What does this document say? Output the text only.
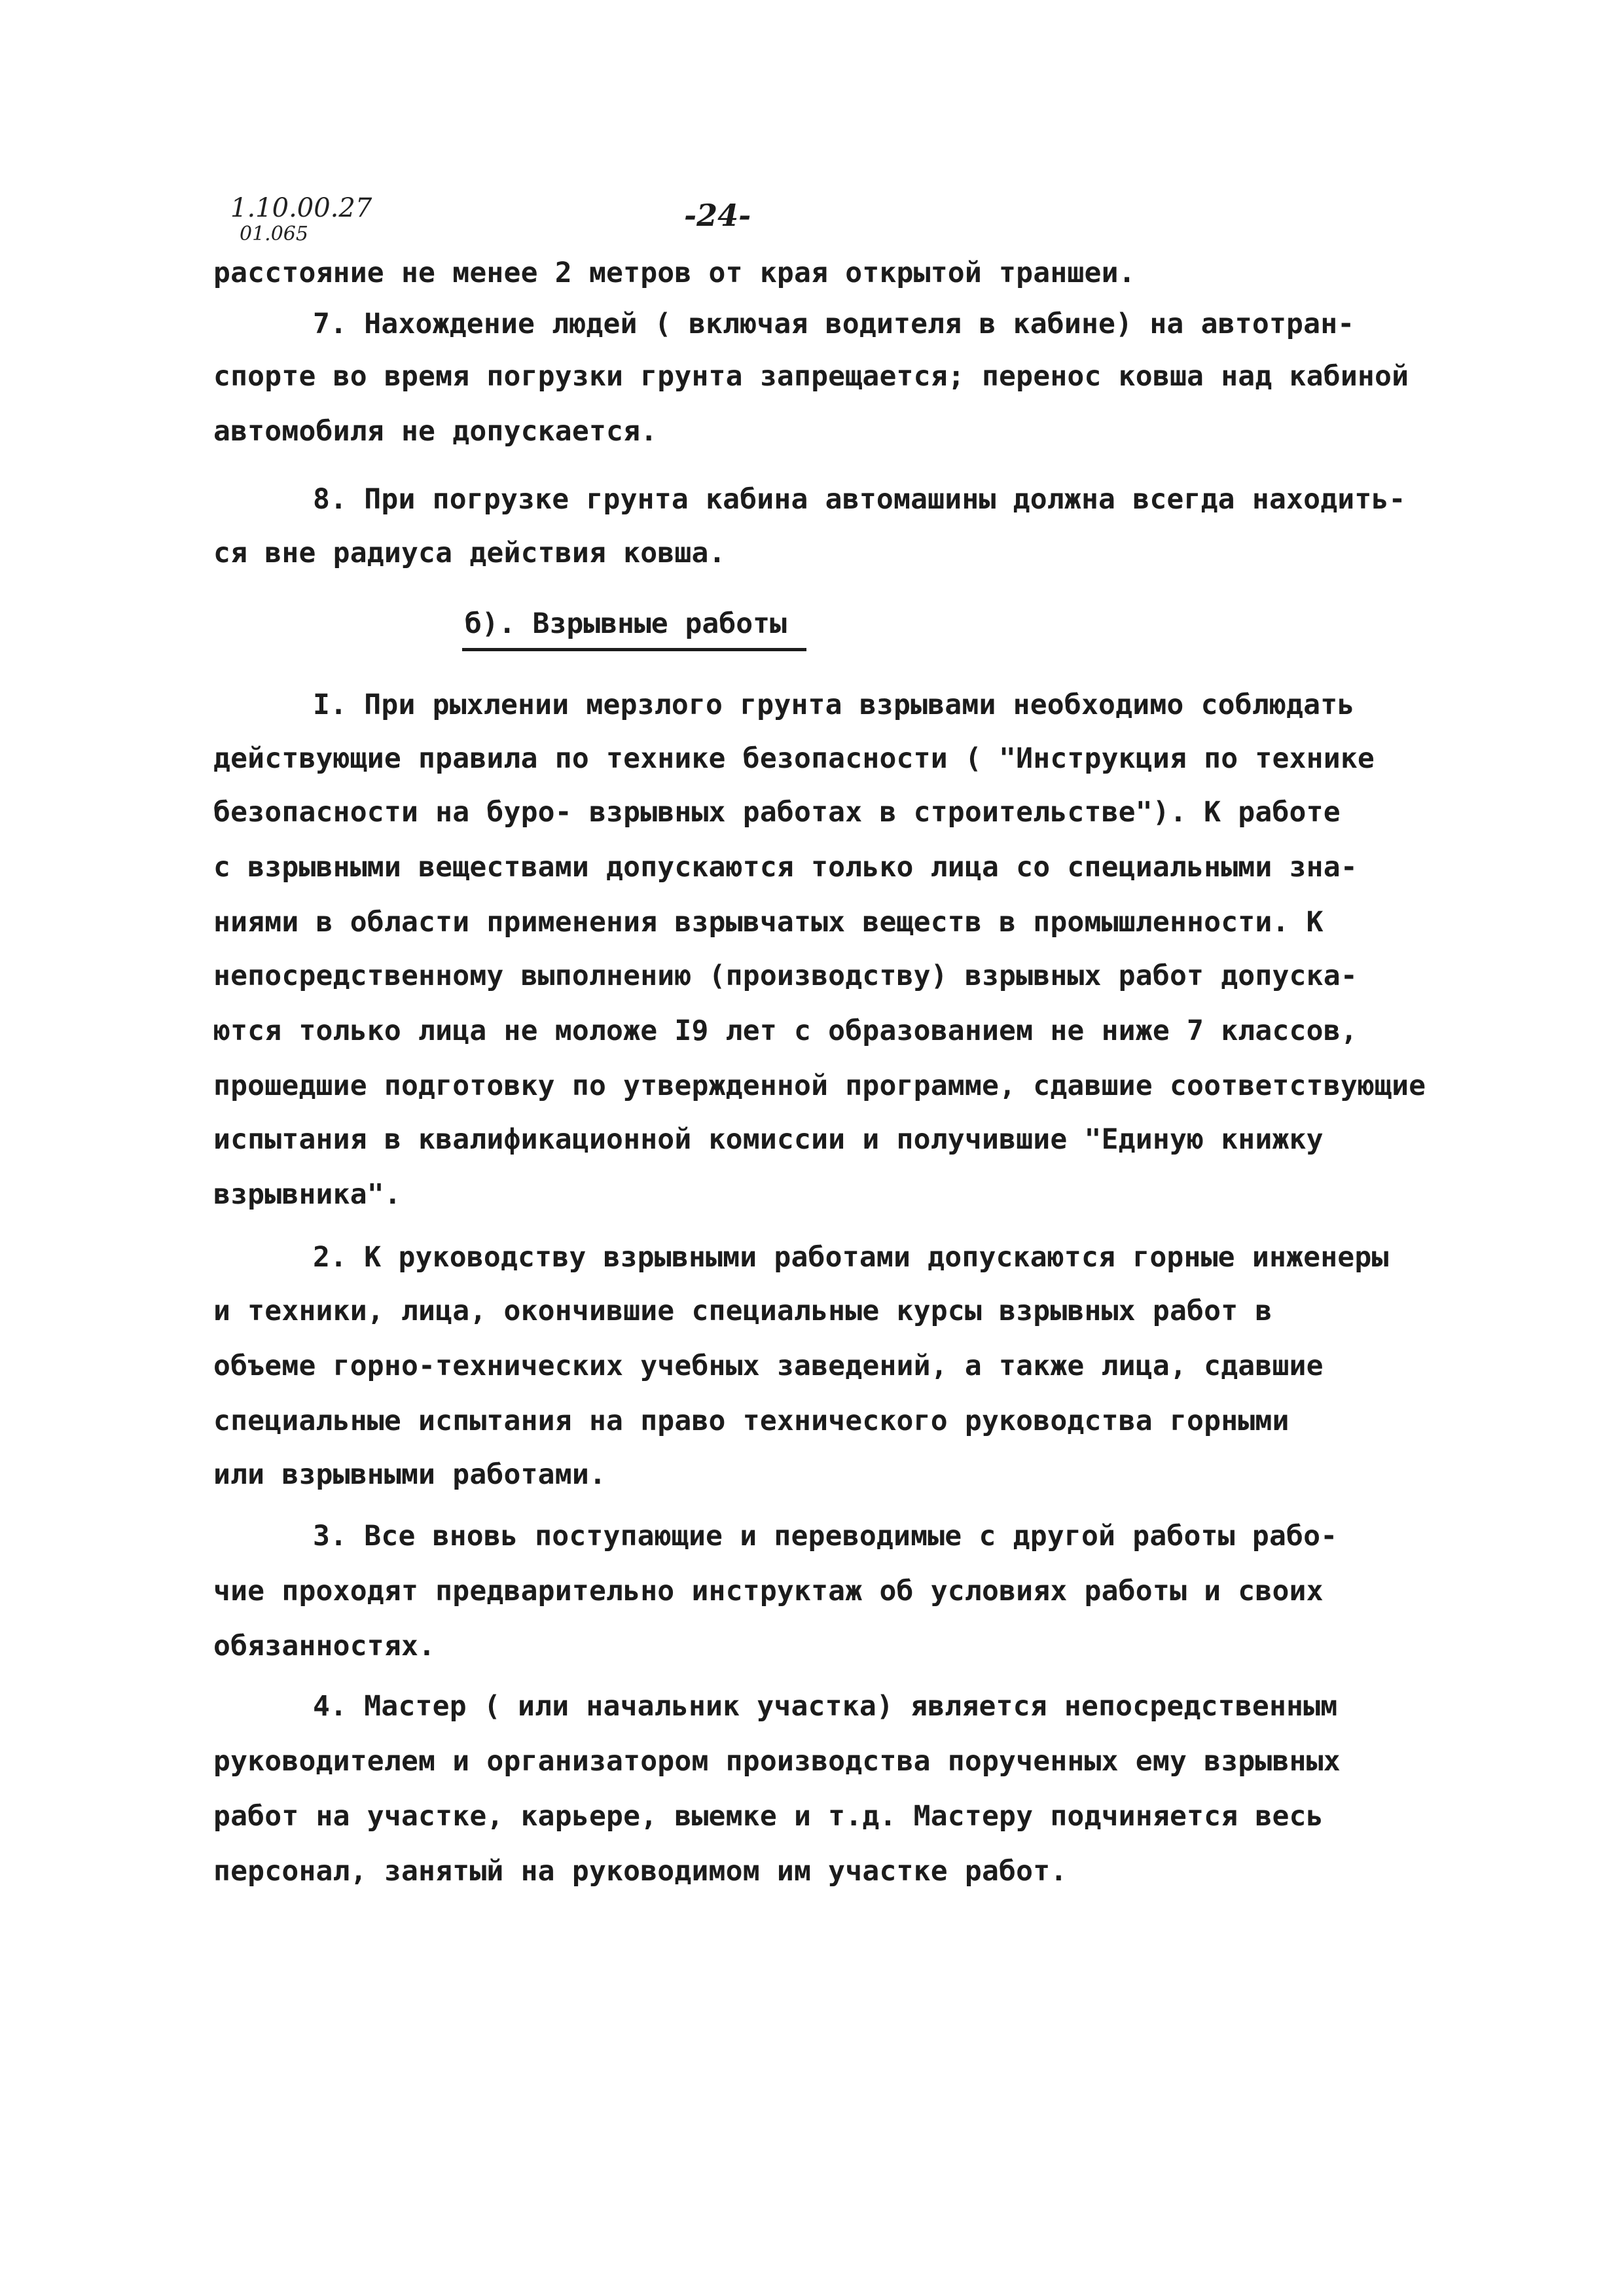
1.10.00.27
01.065
-24-
расстояние не менее 2 метров от края открытой траншеи.
7. Нахождение людей ( включая водителя в кабине) на автотран-
спорте во время погрузки грунта запрещается; перенос ковша над кабиной
автомобиля не допускается.
8. При погрузке грунта кабина автомашины должна всегда находить-
ся вне радиуса действия ковша.
б). Взрывные работы
I. При рыхлении мерзлого грунта взрывами необходимо соблюдать
действующие правила по технике безопасности ( "Инструкция по технике
безопасности на буро- взрывных работах в строительстве"). К работе
с взрывными веществами допускаются только лица со специальными зна-
ниями в области применения взрывчатых веществ в промышленности. К
непосредственному выполнению (производству) взрывных работ допуска-
ются только лица не моложе I9 лет с образованием не ниже 7 классов,
прошедшие подготовку по утвержденной программе, сдавшие соответствующие
испытания в квалификационной комиссии и получившие "Единую книжку
взрывника".
2. К руководству взрывными работами допускаются горные инженеры
и техники, лица, окончившие специальные курсы взрывных работ в
объеме горно-технических учебных заведений, а также лица, сдавшие
специальные испытания на право технического руководства горными
или взрывными работами.
3. Все вновь поступающие и переводимые с другой работы рабо-
чие проходят предварительно инструктаж об условиях работы и своих
обязанностях.
4. Мастер ( или начальник участка) является непосредственным
руководителем и организатором производства порученных ему взрывных
работ на участке, карьере, выемке и т.д. Мастеру подчиняется весь
персонал, занятый на руководимом им участке работ.
